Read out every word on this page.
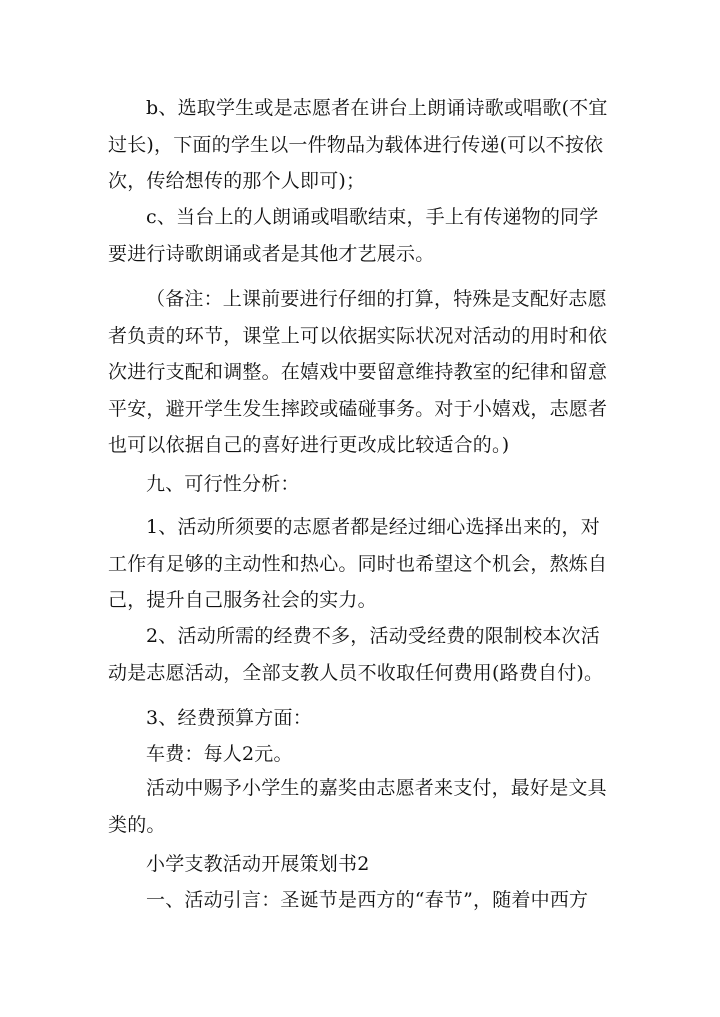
b、选取学生或是志愿者在讲台上朗诵诗歌或唱歌(不宜
过长)，下面的学生以一件物品为载体进行传递(可以不按依
次，传给想传的那个人即可)；
c、当台上的人朗诵或唱歌结束，手上有传递物的同学
要进行诗歌朗诵或者是其他才艺展示。
（备注：上课前要进行仔细的打算，特殊是支配好志愿
者负责的环节，课堂上可以依据实际状况对活动的用时和依
次进行支配和调整。在嬉戏中要留意维持教室的纪律和留意
平安，避开学生发生摔跤或磕碰事务。对于小嬉戏，志愿者
也可以依据自己的喜好进行更改成比较适合的。)
九、可行性分析：
1、活动所须要的志愿者都是经过细心选择出来的，对
工作有足够的主动性和热心。同时也希望这个机会，熬炼自
己，提升自己服务社会的实力。
2、活动所需的经费不多，活动受经费的限制校本次活
动是志愿活动，全部支教人员不收取任何费用(路费自付)。
3、经费预算方面：
车费：每人2元。
活动中赐予小学生的嘉奖由志愿者来支付，最好是文具
类的。
小学支教活动开展策划书2
一、活动引言：圣诞节是西方的“春节”，随着中西方
